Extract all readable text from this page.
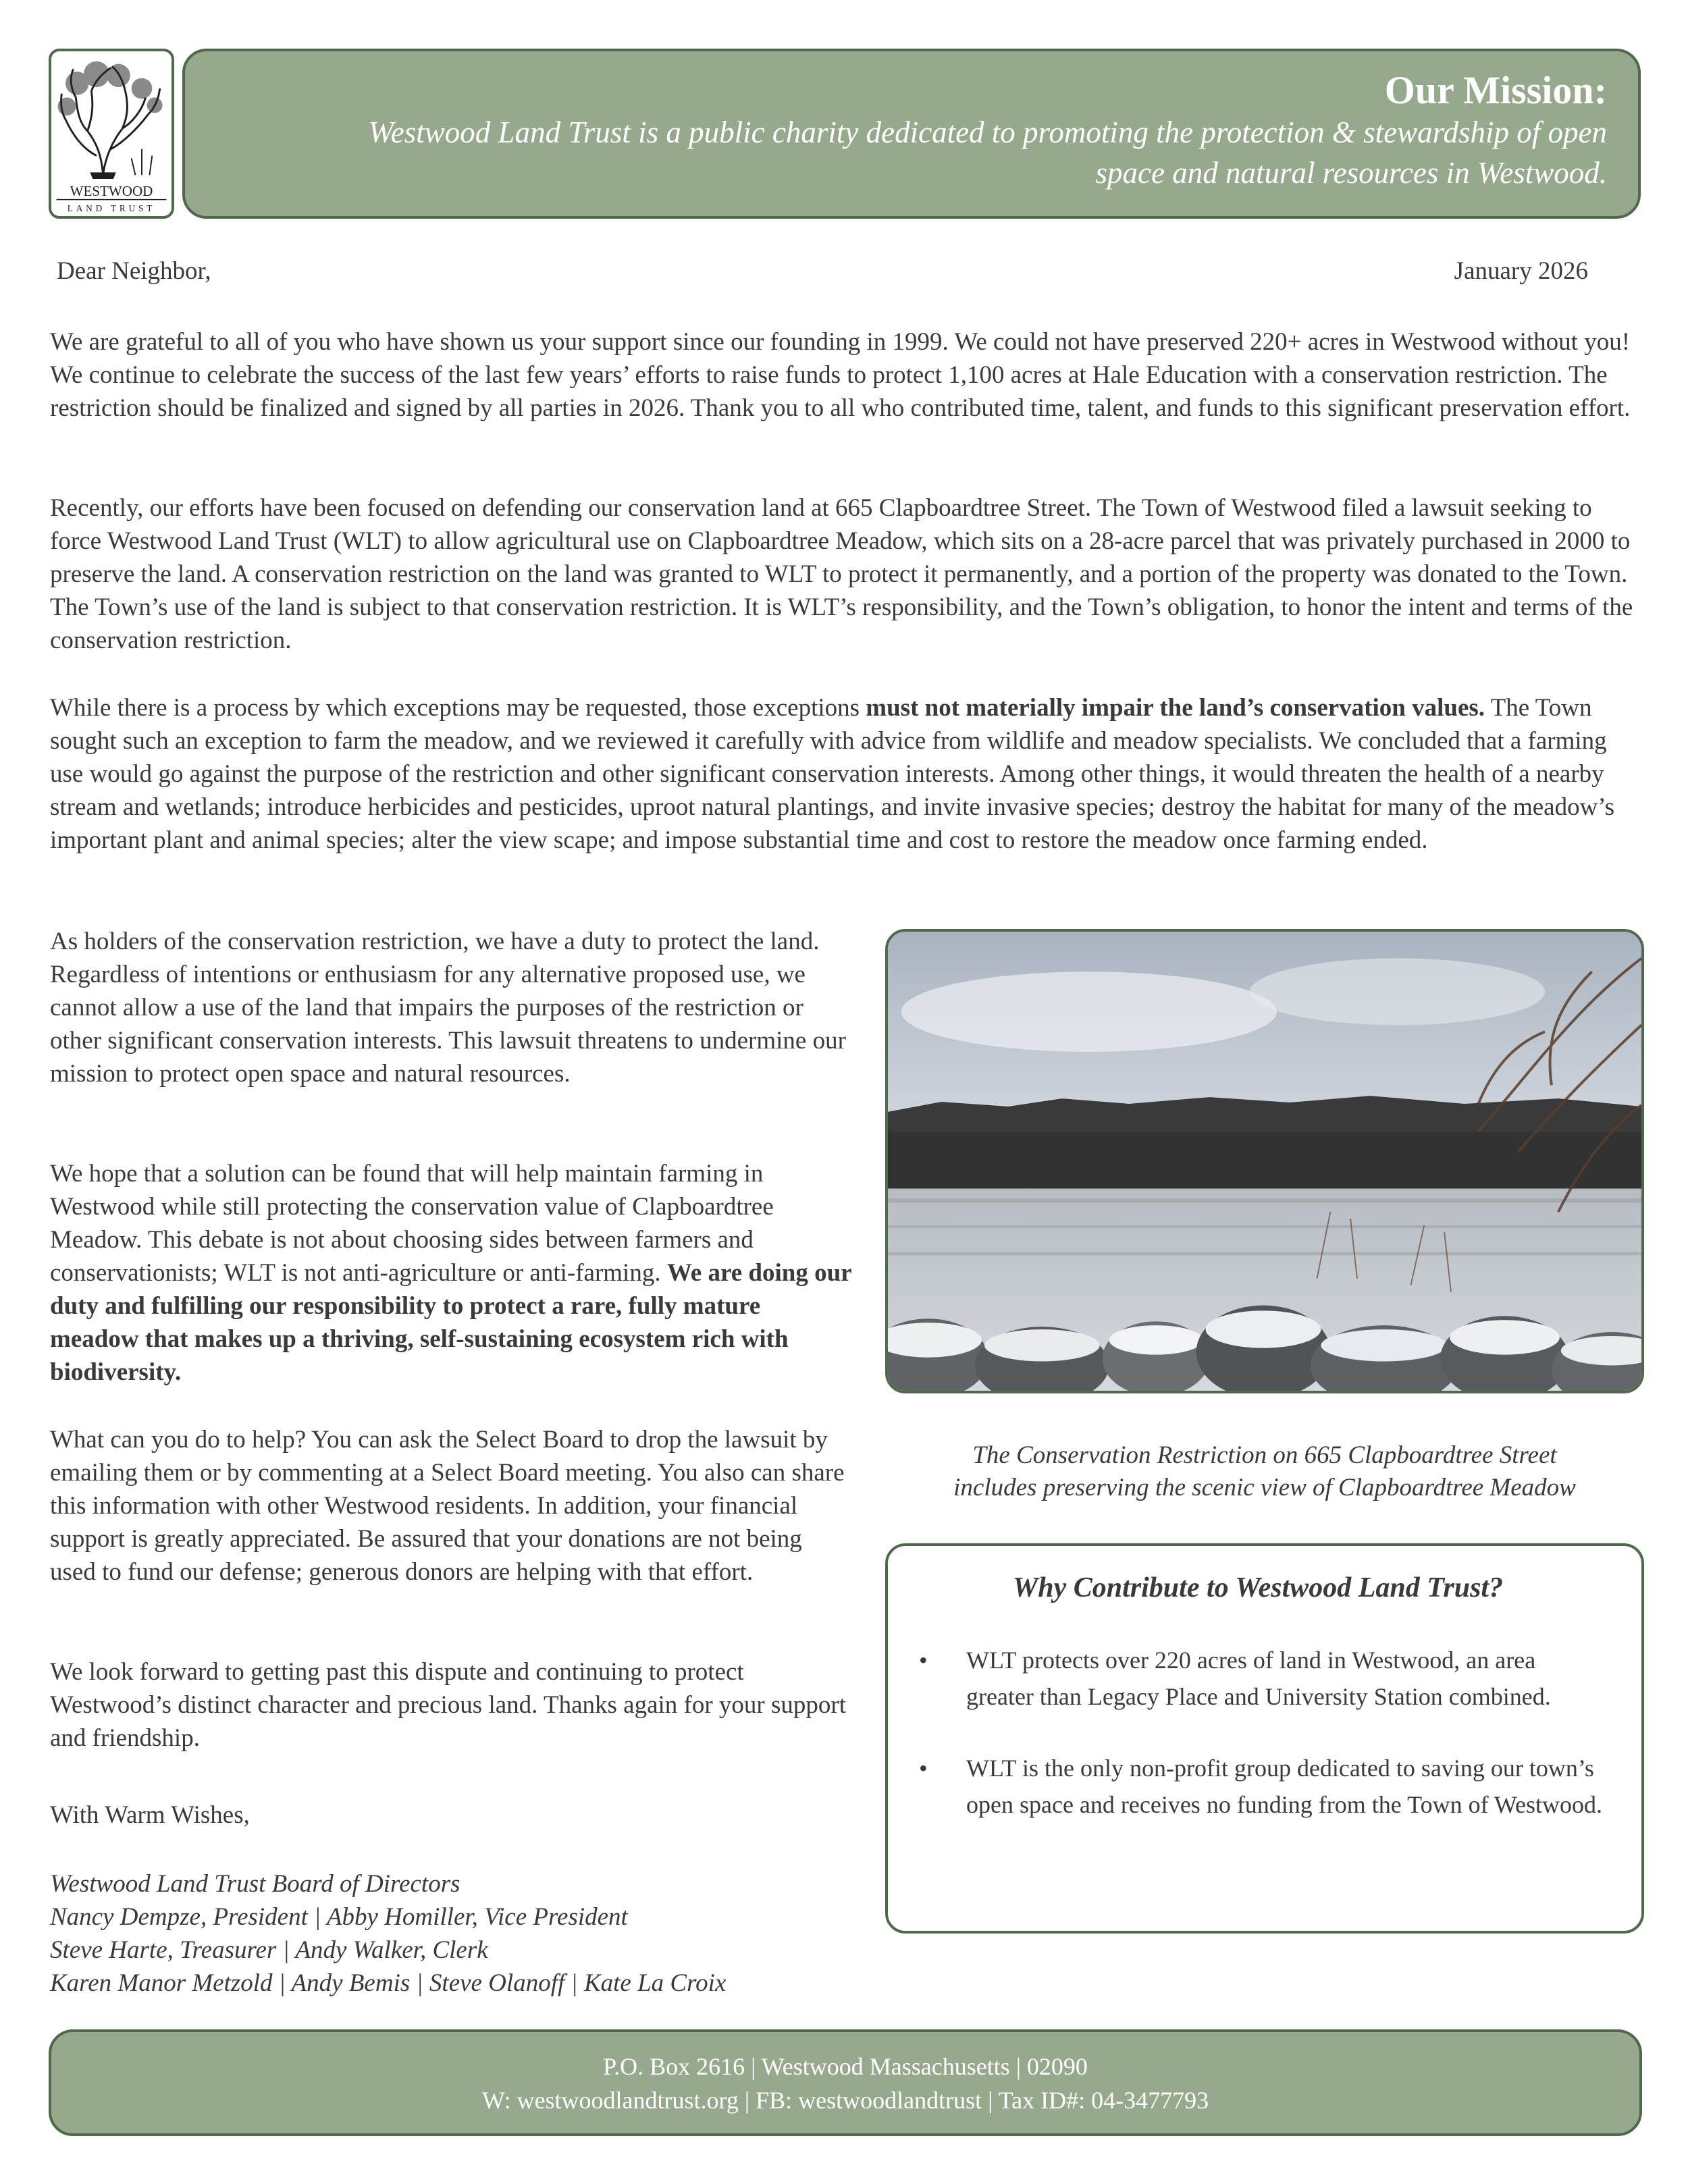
WESTWOOD
LAND TRUST
Our Mission:
Westwood Land Trust is a public charity dedicated to promoting the protection & stewardship of open
space and natural resources in Westwood.
Dear Neighbor,	January 2026

We are grateful to all of you who have shown us your support since our founding in 1999. We could not have preserved 220+ acres in Westwood without you! We continue to celebrate the success of the last few years’ efforts to raise funds to protect 1,100 acres at Hale Education with a conservation restriction. The restriction should be finalized and signed by all parties in 2026. Thank you to all who contributed time, talent, and funds to this significant preservation effort.

Recently, our efforts have been focused on defending our conservation land at 665 Clapboardtree Street. The Town of Westwood filed a lawsuit seeking to force Westwood Land Trust (WLT) to allow agricultural use on Clapboardtree Meadow, which sits on a 28-acre parcel that was privately purchased in 2000 to preserve the land. A conservation restriction on the land was granted to WLT to protect it permanently, and a portion of the property was donated to the Town. The Town’s use of the land is subject to that conservation restriction. It is WLT’s responsibility, and the Town’s obligation, to honor the intent and terms of the conservation restriction.

While there is a process by which exceptions may be requested, those exceptions must not materially impair the land’s conservation values. The Town sought such an exception to farm the meadow, and we reviewed it carefully with advice from wildlife and meadow specialists. We concluded that a farming use would go against the purpose of the restriction and other significant conservation interests. Among other things, it would threaten the health of a nearby stream and wetlands; introduce herbicides and pesticides, uproot natural plantings, and invite invasive species; destroy the habitat for many of the meadow’s important plant and animal species; alter the view scape; and impose substantial time and cost to restore the meadow once farming ended.

As holders of the conservation restriction, we have a duty to protect the land. Regardless of intentions or enthusiasm for any alternative proposed use, we cannot allow a use of the land that impairs the purposes of the restriction or other significant conservation interests. This lawsuit threatens to undermine our mission to protect open space and natural resources.

We hope that a solution can be found that will help maintain farming in Westwood while still protecting the conservation value of Clapboardtree Meadow. This debate is not about choosing sides between farmers and conservationists; WLT is not anti-agriculture or anti-farming. We are doing our duty and fulfilling our responsibility to protect a rare, fully mature meadow that makes up a thriving, self-sustaining ecosystem rich with biodiversity.

What can you do to help? You can ask the Select Board to drop the lawsuit by emailing them or by commenting at a Select Board meeting. You also can share this information with other Westwood residents. In addition, your financial support is greatly appreciated. Be assured that your donations are not being used to fund our defense; generous donors are helping with that effort.

We look forward to getting past this dispute and continuing to protect Westwood’s distinct character and precious land. Thanks again for your support and friendship.

With Warm Wishes,

Westwood Land Trust Board of Directors
Nancy Dempze, President | Abby Homiller, Vice President
Steve Harte, Treasurer | Andy Walker, Clerk
Karen Manor Metzold | Andy Bemis | Steve Olanoff | Kate La Croix
The Conservation Restriction on 665 Clapboardtree Street
includes preserving the scenic view of Clapboardtree Meadow
Why Contribute to Westwood Land Trust?
• WLT protects over 220 acres of land in Westwood, an area greater than Legacy Place and University Station combined.
• WLT is the only non-profit group dedicated to saving our town’s open space and receives no funding from the Town of Westwood.
P.O. Box 2616 | Westwood Massachusetts | 02090
W: westwoodlandtrust.org | FB: westwoodlandtrust | Tax ID#: 04-3477793
